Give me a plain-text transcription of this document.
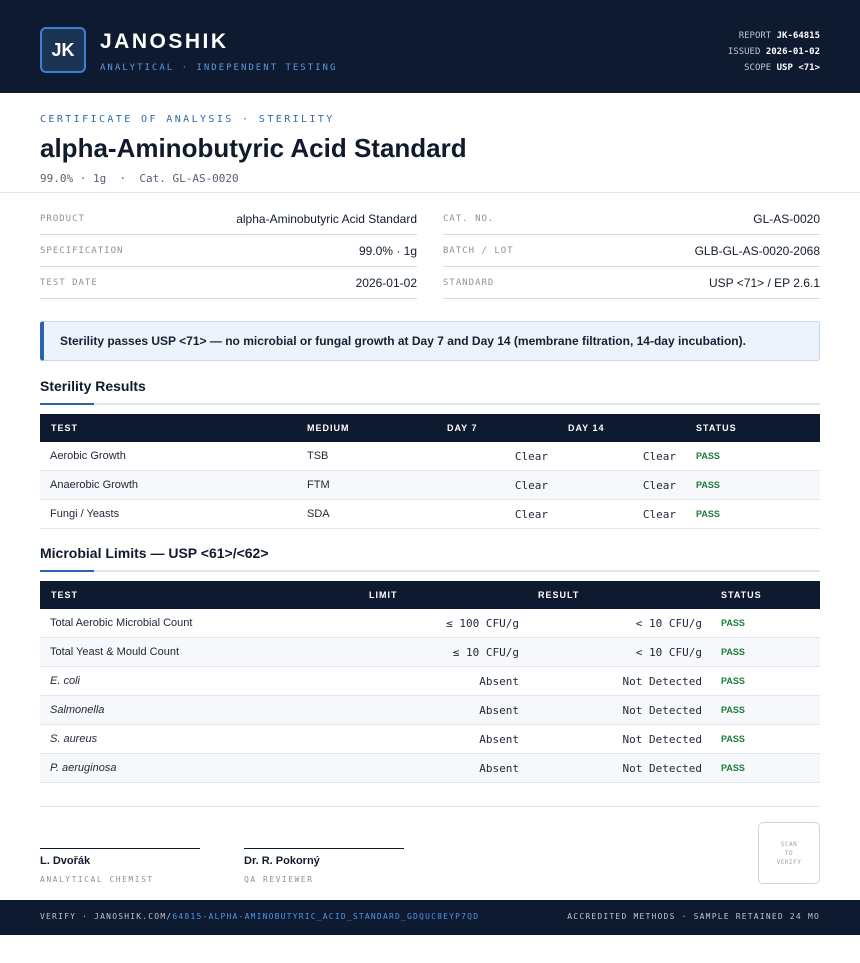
JK	JANOSHIK
ANALYTICAL · INDEPENDENT TESTING
REPORT JK-64815
ISSUED 2026-01-02
SCOPE USP <71>
CERTIFICATE OF ANALYSIS · STERILITY
alpha-Aminobutyric Acid Standard
99.0% · 1g  ·  Cat. GL-AS-0020
PRODUCT	alpha-Aminobutyric Acid Standard
SPECIFICATION	99.0% · 1g
TEST DATE	2026-01-02
CAT. NO.	GL-AS-0020
BATCH / LOT	GLB-GL-AS-0020-2068
STANDARD	USP <71> / EP 2.6.1
Sterility passes USP <71> — no microbial or fungal growth at Day 7 and Day 14 (membrane filtration, 14-day incubation).
Sterility Results
TEST	MEDIUM	DAY 7	DAY 14	STATUS
Aerobic Growth	TSB	Clear	Clear PASS
Anaerobic Growth	FTM	Clear	Clear PASS
Fungi / Yeasts	SDA	Clear	Clear PASS
Microbial Limits — USP <61>/<62>
TEST	LIMIT	RESULT	STATUS
Total Aerobic Microbial Count	≤ 100 CFU/g	< 10 CFU/g PASS
Total Yeast & Mould Count	≤ 10 CFU/g	< 10 CFU/g PASS
E. coli	Absent	Not Detected PASS
Salmonella	Absent	Not Detected PASS
S. aureus	Absent	Not Detected PASS
P. aeruginosa	Absent	Not Detected PASS
L. Dvořák
ANALYTICAL CHEMIST
Dr. R. Pokorný
QA REVIEWER
SCAN
TO
VERIFY
VERIFY · JANOSHIK.COM/64815-ALPHA-AMINOBUTYRIC_ACID_STANDARD_GDQUC8EYP7QD	ACCREDITED METHODS · SAMPLE RETAINED 24 MO
